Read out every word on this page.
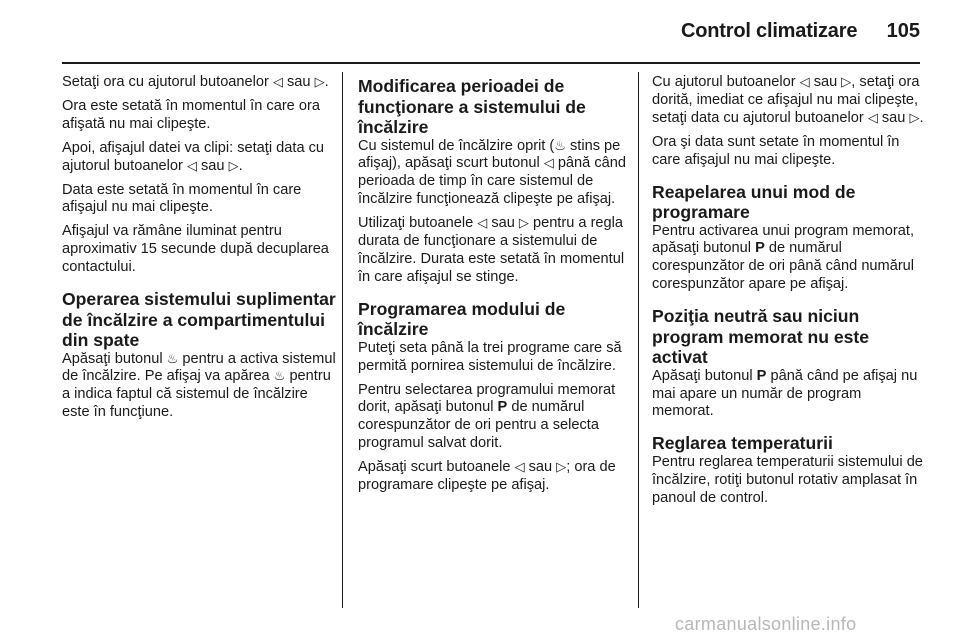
Control climatizare 105

Setaţi ora cu ajutorul butoanelor ◁ sau ▷.

Ora este setată în momentul în care ora afişată nu mai clipeşte.

Apoi, afişajul datei va clipi: setaţi data cu ajutorul butoanelor ◁ sau ▷.

Data este setată în momentul în care afişajul nu mai clipeşte.

Afişajul va rămâne iluminat pentru aproximativ 15 secunde după decuplarea contactului.

Operarea sistemului suplimentar de încălzire a compartimentului din spate

Apăsaţi butonul ♨ pentru a activa sistemul de încălzire. Pe afişaj va apărea ♨ pentru a indica faptul că sistemul de încălzire este în funcţiune.

Modificarea perioadei de funcţionare a sistemului de încălzire

Cu sistemul de încălzire oprit (♨ stins pe afişaj), apăsaţi scurt butonul ◁ până când perioada de timp în care sistemul de încălzire funcţionează clipeşte pe afişaj.

Utilizaţi butoanele ◁ sau ▷ pentru a regla durata de funcţionare a sistemului de încălzire. Durata este setată în momentul în care afişajul se stinge.

Programarea modului de încălzire

Puteţi seta până la trei programe care să permită pornirea sistemului de încălzire.

Pentru selectarea programului memorat dorit, apăsaţi butonul P de numărul corespunzător de ori pentru a selecta programul salvat dorit.

Apăsaţi scurt butoanele ◁ sau ▷; ora de programare clipeşte pe afişaj.

Cu ajutorul butoanelor ◁ sau ▷, setaţi ora dorită, imediat ce afişajul nu mai clipeşte, setaţi data cu ajutorul butoanelor ◁ sau ▷.

Ora şi data sunt setate în momentul în care afişajul nu mai clipeşte.

Reapelarea unui mod de programare

Pentru activarea unui program memorat, apăsaţi butonul P de numărul corespunzător de ori până când numărul corespunzător apare pe afişaj.

Poziţia neutră sau niciun program memorat nu este activat

Apăsaţi butonul P până când pe afişaj nu mai apare un număr de program memorat.

Reglarea temperaturii

Pentru reglarea temperaturii sistemului de încălzire, rotiţi butonul rotativ amplasat în panoul de control.

carmanualsonline.info
